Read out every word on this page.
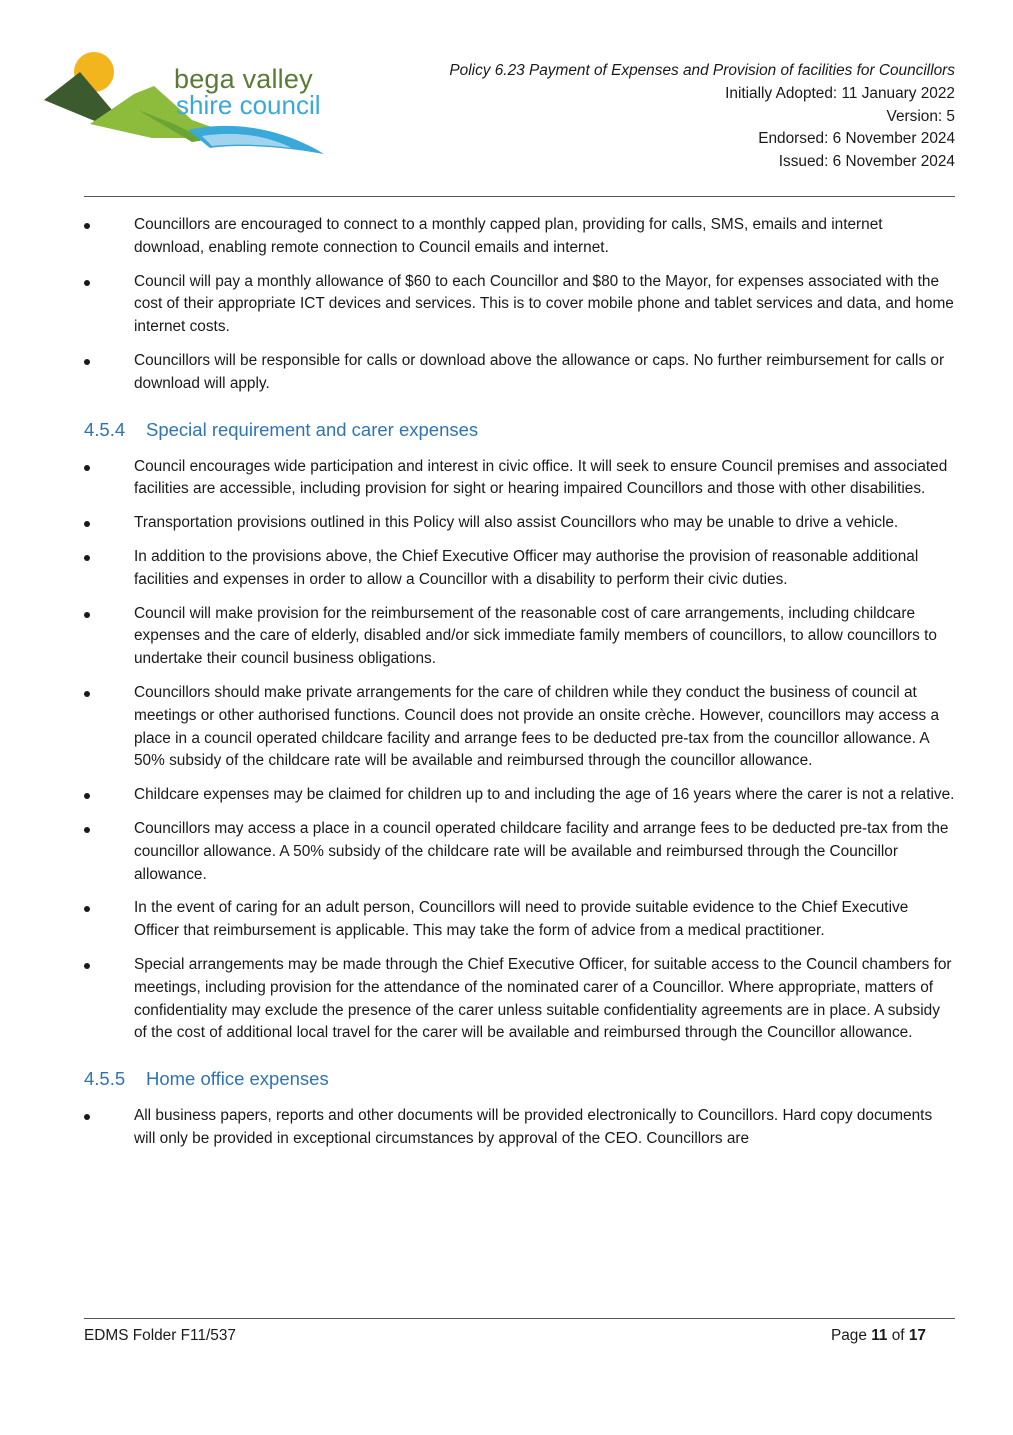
bega valley
shire council
Policy 6.23 Payment of Expenses and Provision of facilities for Councillors
Initially Adopted: 11 January 2022
Version: 5
Endorsed: 6 November 2024
Issued: 6 November 2024
Councillors are encouraged to connect to a monthly capped plan, providing for calls, SMS, emails and internet download, enabling remote connection to Council emails and internet.
Council will pay a monthly allowance of $60 to each Councillor and $80 to the Mayor, for expenses associated with the cost of their appropriate ICT devices and services. This is to cover mobile phone and tablet services and data, and home internet costs.
Councillors will be responsible for calls or download above the allowance or caps. No further reimbursement for calls or download will apply.
4.5.4 Special requirement and carer expenses
Council encourages wide participation and interest in civic office. It will seek to ensure Council premises and associated facilities are accessible, including provision for sight or hearing impaired Councillors and those with other disabilities.
Transportation provisions outlined in this Policy will also assist Councillors who may be unable to drive a vehicle.
In addition to the provisions above, the Chief Executive Officer may authorise the provision of reasonable additional facilities and expenses in order to allow a Councillor with a disability to perform their civic duties.
Council will make provision for the reimbursement of the reasonable cost of care arrangements, including childcare expenses and the care of elderly, disabled and/or sick immediate family members of councillors, to allow councillors to undertake their council business obligations.
Councillors should make private arrangements for the care of children while they conduct the business of council at meetings or other authorised functions. Council does not provide an onsite crèche. However, councillors may access a place in a council operated childcare facility and arrange fees to be deducted pre-tax from the councillor allowance. A 50% subsidy of the childcare rate will be available and reimbursed through the councillor allowance.
Childcare expenses may be claimed for children up to and including the age of 16 years where the carer is not a relative.
Councillors may access a place in a council operated childcare facility and arrange fees to be deducted pre-tax from the councillor allowance. A 50% subsidy of the childcare rate will be available and reimbursed through the Councillor allowance.
In the event of caring for an adult person, Councillors will need to provide suitable evidence to the Chief Executive Officer that reimbursement is applicable. This may take the form of advice from a medical practitioner.
Special arrangements may be made through the Chief Executive Officer, for suitable access to the Council chambers for meetings, including provision for the attendance of the nominated carer of a Councillor. Where appropriate, matters of confidentiality may exclude the presence of the carer unless suitable confidentiality agreements are in place. A subsidy of the cost of additional local travel for the carer will be available and reimbursed through the Councillor allowance.
4.5.5 Home office expenses
All business papers, reports and other documents will be provided electronically to Councillors. Hard copy documents will only be provided in exceptional circumstances by approval of the CEO. Councillors are
EDMS Folder F11/537	Page 11 of 17
